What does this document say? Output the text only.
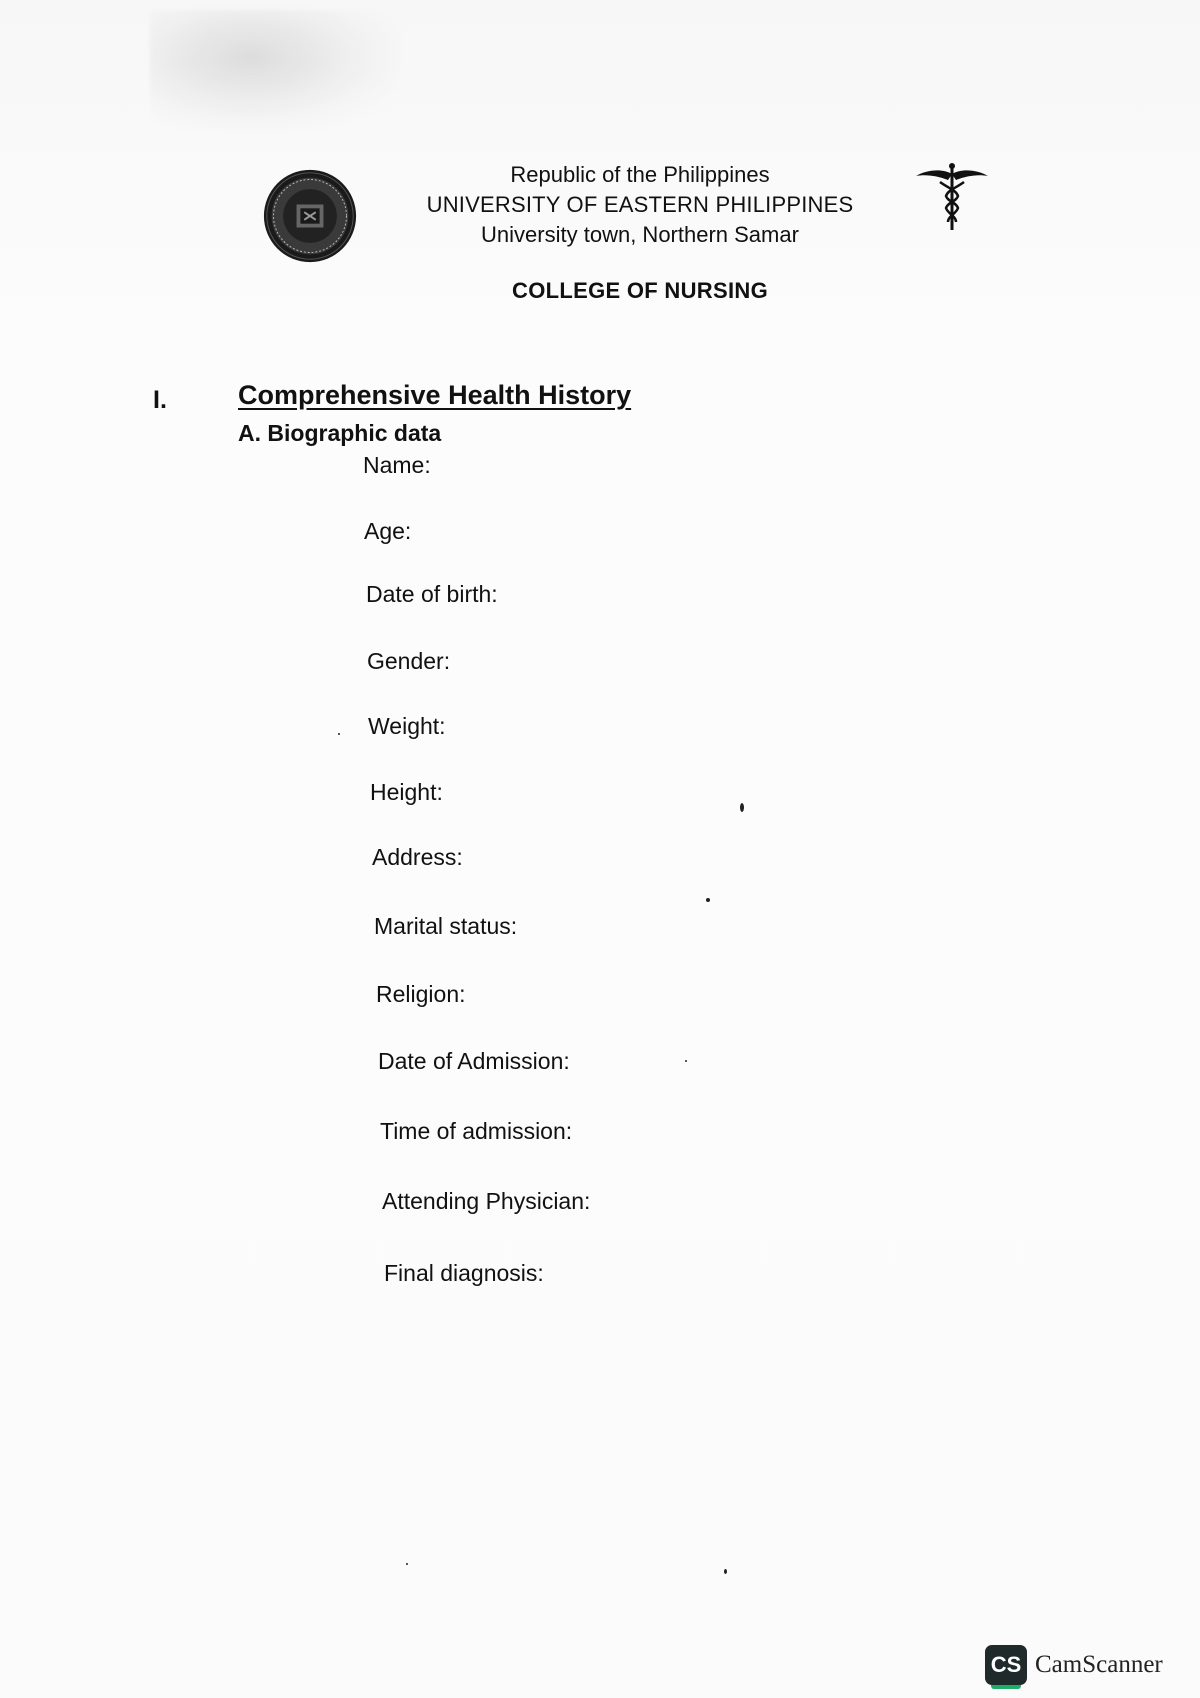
Republic of the Philippines
UNIVERSITY OF EASTERN PHILIPPINES
University town, Northern Samar
COLLEGE OF NURSING
I.	Comprehensive Health History
A. Biographic data
Name:
Age:
Date of birth:
Gender:
Weight:
Height:
Address:
Marital status:
Religion:
Date of Admission:
Time of admission:
Attending Physician:
Final diagnosis:
CS CamScanner
